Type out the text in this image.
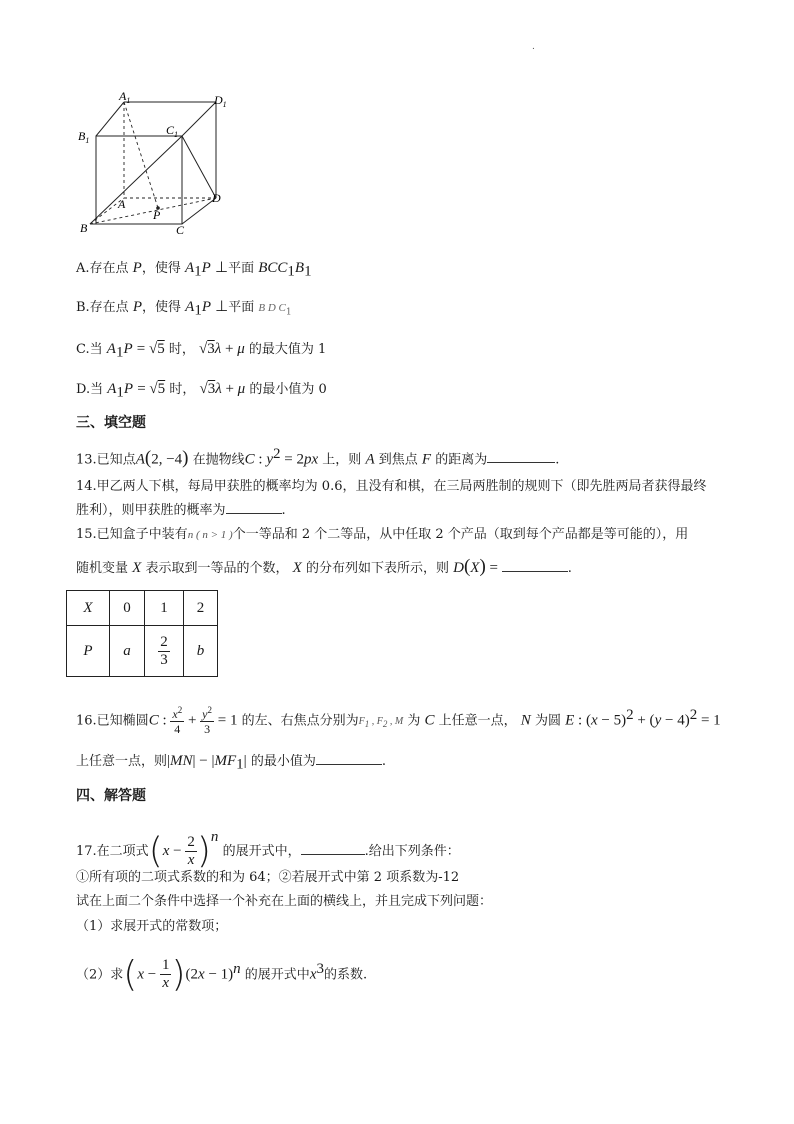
.
$A_1$	$D_1$
$B_1$
$C_1$
A	D
P
B	C
A.存在点 P，使得 $A_1P$ ⊥平面 $BCC_1B_1$
B.存在点 P，使得 $A_1P$ ⊥平面 B D $C_1$
C.当 $A_1P = √5$ 时， √3λ + μ 的最大值为 1
D.当 $A_1P = √5$ 时， √3λ + μ 的最小值为 0
三、填空题
13.已知点A(2, −4) 在抛物线C : $y^2 = 2px$ 上，则 A 到焦点 F 的距离为	.
14.甲乙两人下棋，每局甲获胜的概率均为 0.6，且没有和棋，在三局两胜制的规则下（即先胜两局者获得最终
胜利），则甲获胜的概率为	.
15.已知盒子中装有n ( n > 1 )个一等品和 2 个二等品，从中任取 2 个产品（取到每个产品都是等可能的），用
随机变量 X 表示取到一等品的个数， X 的分布列如下表所示，则 D(X) =	.
X	0	1	2
P	a	$\frac{2}{3}$	b
16.已知椭圆C : $\frac{x^2}{4} + \frac{y^2}{3} = 1$ 的左、右焦点分别为$F_1$ , $F_2$ , M 为 C 上任意一点， N 为圆 E : $(x - 5)^2 + (y - 4)^2 = 1$
上任意一点，则$|MN| - |MF_1|$ 的最小值为	.
四、解答题
17.在二项式$(x - \frac{2}{x} )^n$ 的展开式中，	.给出下列条件：
①所有项的二项式系数的和为 64；②若展开式中第 2 项系数为-12
试在上面二个条件中选择一个补充在上面的横线上，并且完成下列问题：
（1）求展开式的常数项；
（2）求$(x - \frac{1}{x} )(2x - 1)^n$ 的展开式中$x^3$的系数.
